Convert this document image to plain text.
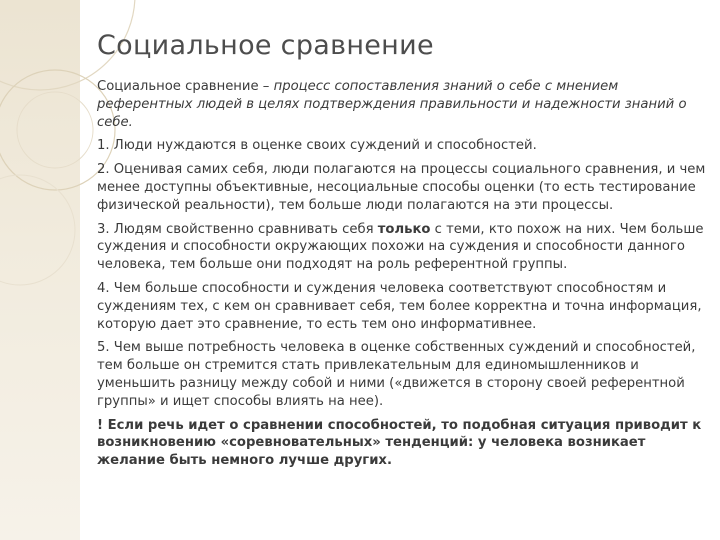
Социальное сравнение

Социальное сравнение – процесс сопоставления знаний о себе с мнением референтных людей в целях подтверждения правильности и надежности знаний о себе.

1. Люди нуждаются в оценке своих суждений и способностей.

2. Оценивая самих себя, люди полагаются на процессы социального сравнения, и чем менее доступны объективные, несоциальные способы оценки (то есть тестирование физической реальности), тем больше люди полагаются на эти процессы.

3. Людям свойственно сравнивать себя только с теми, кто похож на них. Чем больше суждения и способности окружающих похожи на суждения и способности данного человека, тем больше они подходят на роль референтной группы.

4. Чем больше способности и суждения человека соответствуют способностям и суждениям тех, с кем он сравнивает себя, тем более корректна и точна информация, которую дает это сравнение, то есть тем оно информативнее.

5. Чем выше потребность человека в оценке собственных суждений и способностей, тем больше он стремится стать привлекательным для единомышленников и уменьшить разницу между собой и ними («движется в сторону своей референтной группы» и ищет способы влиять на нее).

! Если речь идет о сравнении способностей, то подобная ситуация приводит к возникновению «соревновательных» тенденций: у человека возникает желание быть немного лучше других.
